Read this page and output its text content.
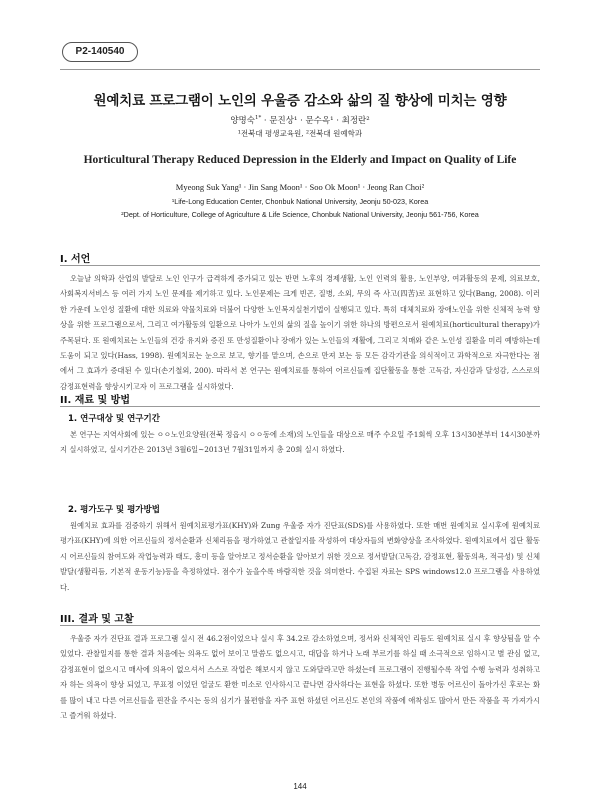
P2-140540
원예치료 프로그램이 노인의 우울증 감소와 삶의 질 향상에 미치는 영향
양명숙$^{1*}$ · 문진상¹ · 문수옥¹ · 최정란²
¹전북대 평생교육원, ²전북대 원예학과
Horticultural Therapy Reduced Depression in the Elderly and Impact on Quality of Life
Myeong Suk Yang¹ · Jin Sang Moon¹ · Soo Ok Moon¹ · Jeong Ran Choi²
¹Life-Long Education Center, Chonbuk National University, Jeonju 50-023, Korea
²Dept. of Horticulture, College of Agriculture & Life Science, Chonbuk National University, Jeonju 561-756, Korea
I. 서언
오늘날 의학과 산업의 발달로 노인 인구가 급격하게 증가되고 있는 반면 노후의 경제생활, 노인 인력의 활용, 노인부양, 여과활동의 문제, 의료보호, 사회복지서비스 등 여러 가지 노인 문제를 제기하고 있다. 노인문제는 크게 빈곤, 질병, 소외, 무의 즉 사고(四苦)로 표현하고 있다(Bang, 2008). 이러한 가운데 노인성 질환에 대한 의료와 약물치료와 더불어 다양한 노인복지실천기법이 실행되고 있다. 특히 대체치료와 장애노인을 위한 신체적 능력 향상을 위한 프로그램으로서, 그리고 여가활동의 일환으로 나아가 노인의 삶의 질을 높이기 위한 하나의 방편으로서 원예치료(horticultural therapy)가 주목된다. 또 원예치료는 노인들의 건강 유지와 증진 또 만성질환이나 장애가 있는 노인들의 재활에, 그리고 치매와 같은 노인성 질환을 미리 예방하는데 도움이 되고 있다(Hass, 1998). 원예치료는 눈으로 보고, 향기를 맡으며, 손으로 만져 보는 등 모든 감각기관을 의식적이고 과학적으로 자극한다는 점에서 그 효과가 증대된 수 있다(손기철외, 200). 따라서 본 연구는 원예치료를 통하여 어르신들께 집단활동을 통한 고독감, 자신감과 달성감, 스스로의 감정표현력을 향상시키고자 이 프로그램을 실시하였다.
II. 재료 및 방법
1. 연구대상 및 연구기간
본 연구는 지역사회에 있는 ㅇㅇ노인요양원(전북 정읍시 ㅇㅇ동에 소재)의 노인들을 대상으로 매주 수요일 주1회씩 오후 13시30분부터 14시30분까지 실시하였고, 실시기간은 2013년 3월6일~2013년 7월31일까지 총 20회 실시 하였다.
2. 평가도구 및 평가방법
원예치료 효과를 검증하기 위해서 원예치료평가표(KHY)와 Zung 우울증 자가 진단표(SDS)를 사용하였다. 또한 매번 원예치료 실시후에 원예치료평가표(KHY)에 의한 어르신들의 정서순환과 신체리듬을 평가하였고 관찰일지를 작성하여 대상자들의 변화양상을 조사하였다. 원예치료에서 집단 활동 시 어르신들의 참여도와 작업능력과 태도, 흥미 등을 알아보고 정서순환을 알아보기 위한 것으로 정서발달(고독감, 감정표현, 활동의욕, 적극성) 및 신체발달(생활리듬, 기본적 운동기능)등을 측정하였다. 점수가 높을수록 바람직한 것을 의미한다. 수집된 자료는 SPS windows12.0 프로그램을 사용하였다.
III. 결과 및 고찰
우울증 자가 진단표 결과 프로그램 실시 전 46.2점이었으나 실시 후 34.2로 감소하였으며, 정서와 신체적인 리듬도 원예치료 실시 후 향상됨을 알 수 있었다. 관찰일지를 통한 결과 처음에는 의욕도 없어 보이고 말씀도 없으시고, 대답을 하거나 노래 부르기를 하실 때 소극적으로 임하시고 별 관심 없고, 감정표현이 없으시고 매사에 의욕이 없으셔서 스스로 작업은 해보시지 않고 도와달라고만 하셨는데 프로그램이 진행될수록 작업 수행 능력과 성취하고자 하는 의욕이 향상 되었고, 무표정 이었던 얼굴도 환한 미소로 인사하시고 끝나면 감사하다는 표현을 하셨다. 또한 병동 어르신이 돌아가신 후로는 화를 많이 내고 다른 어르신들을 핀잔을 주시는 등의 심기가 불편함을 자주 표현 하셨던 어르신도 본인의 작품에 애착심도 많아서 만든 작품을 꼭 가져가시고 즐거워 하셨다.
144
